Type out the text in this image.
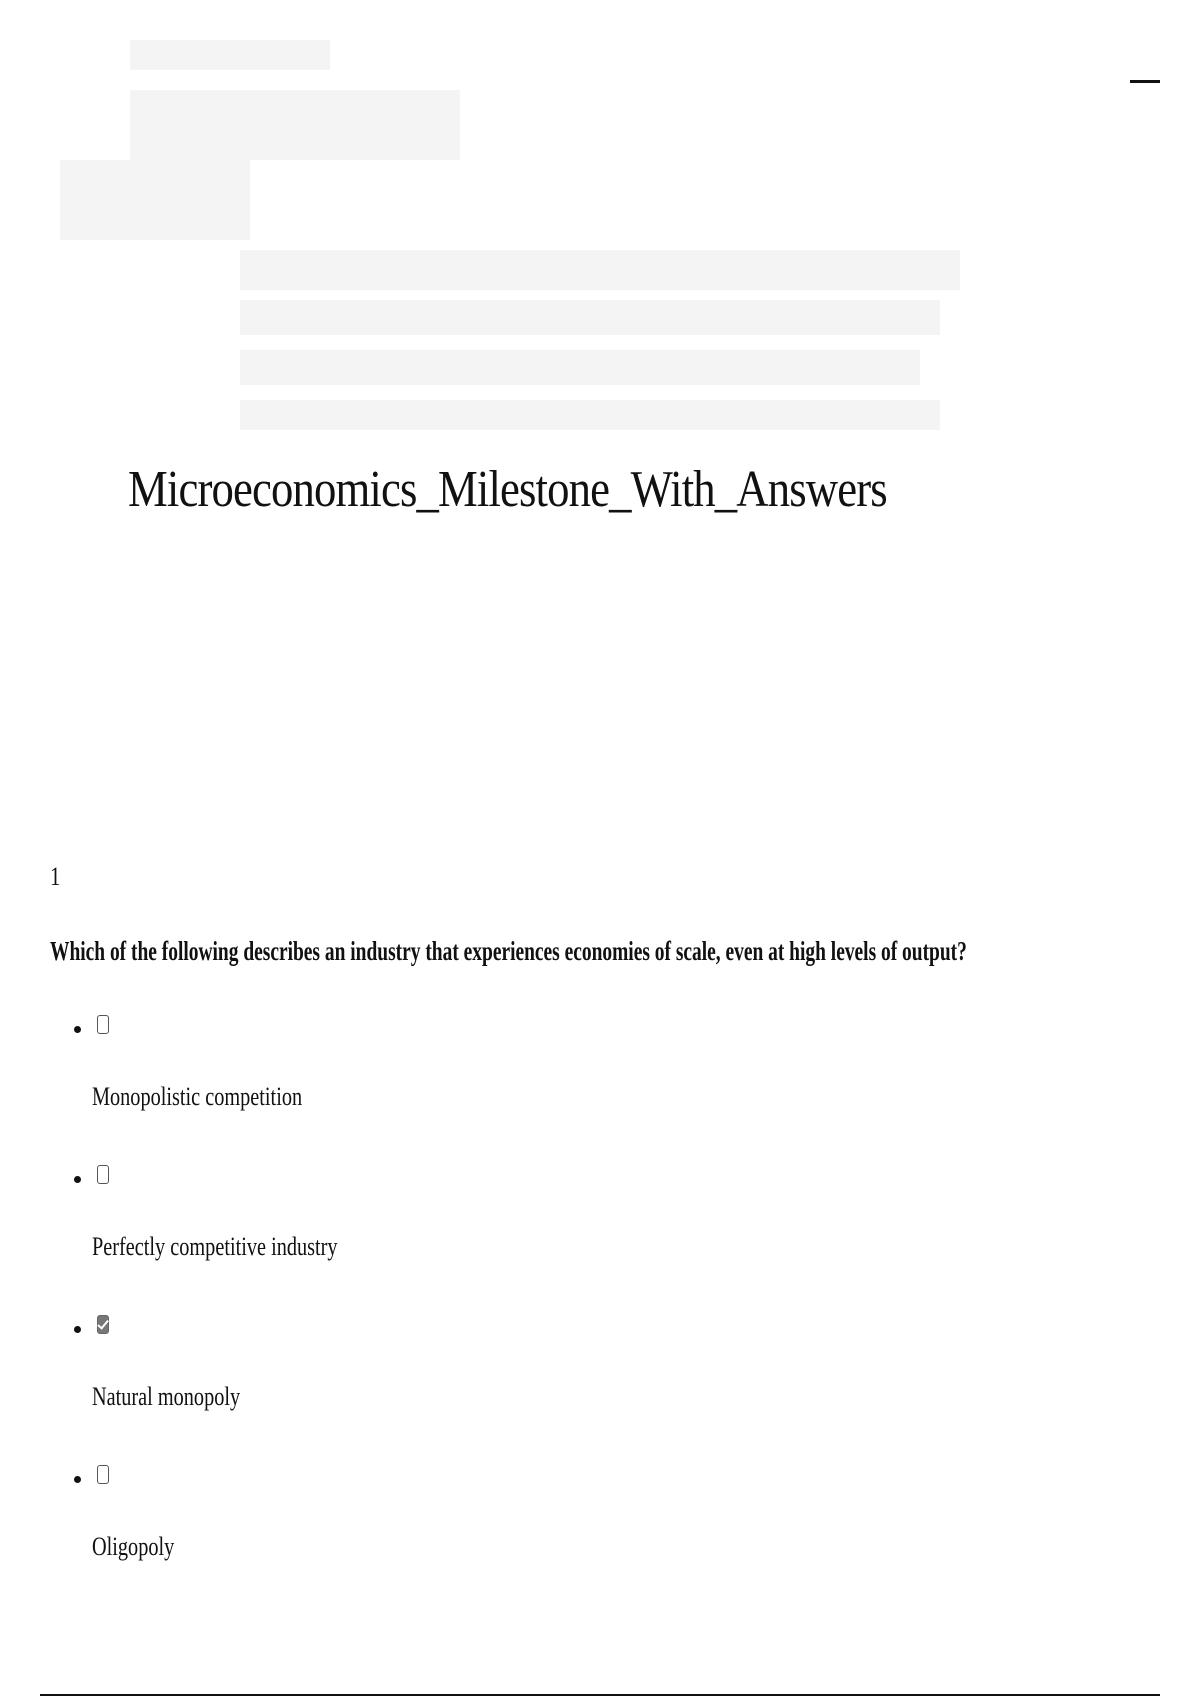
Microeconomics_Milestone_With_Answers
1
Which of the following describes an industry that experiences economies of scale, even at high levels of output?
Monopolistic competition
Perfectly competitive industry
Natural monopoly
Oligopoly
